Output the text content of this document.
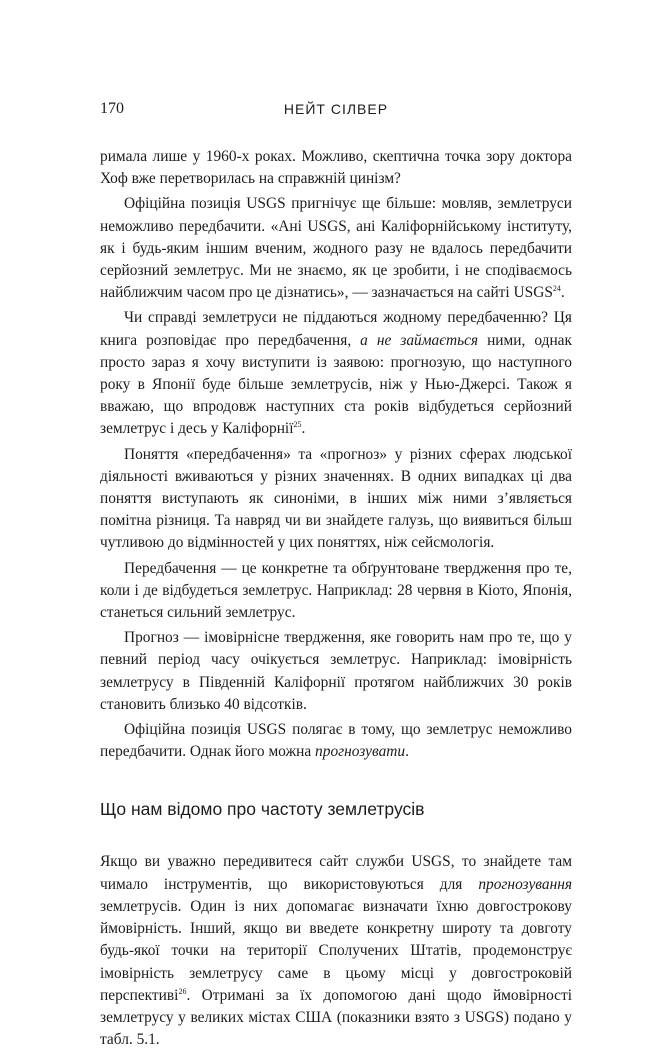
170	НЕЙТ СІЛВЕР

римала лише у 1960-х роках. Можливо, скептична точка зору доктора Хоф вже перетворилась на справжній цинізм?

Офіційна позиція USGS пригнічує ще більше: мовляв, землетруси неможливо передбачити. «Ані USGS, ані Каліфорнійському інституту, як і будь-яким іншим вченим, жодного разу не вдалось передбачити серйозний землетрус. Ми не знаємо, як це зробити, і не сподіваємось найближчим часом про це дізнатись», — зазначається на сайті USGS$^{24}$.

Чи справді землетруси не піддаються жодному передбаченню? Ця книга розповідає про передбачення, а не займається ними, однак просто зараз я хочу виступити із заявою: прогнозую, що наступного року в Японії буде більше землетрусів, ніж у Нью-Джерсі. Також я вважаю, що впродовж наступних ста років відбудеться серйозний землетрус і десь у Каліфорнії$^{25}$.

Поняття «передбачення» та «прогноз» у різних сферах людської діяльності вживаються у різних значеннях. В одних випадках ці два поняття виступають як синоніми, в інших між ними з’являється помітна різниця. Та навряд чи ви знайдете галузь, що виявиться більш чутливою до відмінностей у цих поняттях, ніж сейсмологія.

Передбачення — це конкретне та обґрунтоване твердження про те, коли і де відбудеться землетрус. Наприклад: 28 червня в Кіото, Японія, станеться сильний землетрус.

Прогноз — імовірнісне твердження, яке говорить нам про те, що у певний період часу очікується землетрус. Наприклад: імовірність землетрусу в Південній Каліфорнії протягом найближчих 30 років становить близько 40 відсотків.

Офіційна позиція USGS полягає в тому, що землетрус неможливо передбачити. Однак його можна прогнозувати.

Що нам відомо про частоту землетрусів

Якщо ви уважно передивитеся сайт служби USGS, то знайдете там чимало інструментів, що використовуються для прогнозування землетрусів. Один із них допомагає визначати їхню довгострокову ймовірність. Інший, якщо ви введете конкретну широту та довготу будь-якої точки на території Сполучених Штатів, продемонструє імовірність землетрусу саме в цьому місці у довгостроковій перспективі$^{26}$. Отримані за їх допомогою дані щодо ймовірності землетрусу у великих містах США (показники взято з USGS) подано у табл. 5.1.
